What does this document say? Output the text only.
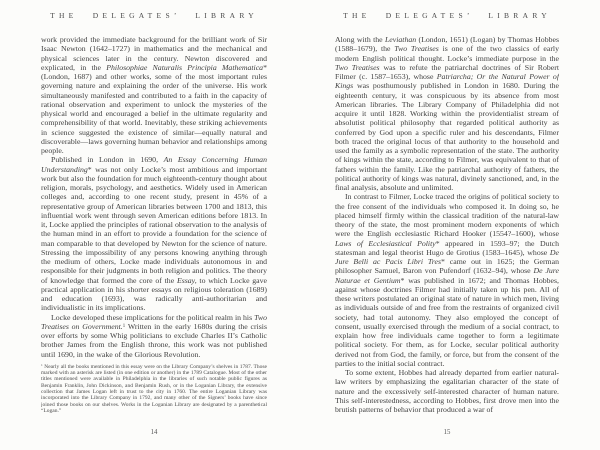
THE DELEGATES’ LIBRARY

work provided the immediate background for the brilliant work of Sir Isaac Newton (1642–1727) in mathematics and the mechanical and physical sciences later in the century. Newton discovered and explicated, in the Philosophiae Naturalis Principia Mathematica* (London, 1687) and other works, some of the most important rules governing nature and explaining the order of the universe. His work simultaneously manifested and contributed to a faith in the capacity of rational observation and experiment to unlock the mysteries of the physical world and encouraged a belief in the ultimate regularity and comprehensibility of that world. Inevitably, these striking achievements in science suggested the existence of similar—equally natural and discoverable—laws governing human behavior and relationships among people.

Published in London in 1690, An Essay Concerning Human Understanding* was not only Locke’s most ambitious and important work but also the foundation for much eighteenth-century thought about religion, morals, psychology, and aesthetics. Widely used in American colleges and, according to one recent study, present in 45% of a representative group of American libraries between 1700 and 1813, this influential work went through seven American editions before 1813. In it, Locke applied the principles of rational observation to the analysis of the human mind in an effort to provide a foundation for the science of man comparable to that developed by Newton for the science of nature. Stressing the impossibility of any persons knowing anything through the medium of others, Locke made individuals autonomous in and responsible for their judgments in both religion and politics. The theory of knowledge that formed the core of the Essay, to which Locke gave practical application in his shorter essays on religious toleration (1689) and education (1693), was radically anti-authoritarian and individualistic in its implications.

Locke developed these implications for the political realm in his Two Treatises on Government.$^1$ Written in the early 1680s during the crisis over efforts by some Whig politicians to exclude Charles II’s Catholic brother James from the English throne, this work was not published until 1690, in the wake of the Glorious Revolution.

$^1$ Nearly all the books mentioned in this essay were on the Library Company’s shelves in 1787. Those marked with an asterisk are listed (in one edition or another) in the 1789 Catalogue. Most of the other titles mentioned were available in Philadelphia in the libraries of such notable public figures as Benjamin Franklin, John Dickinson, and Benjamin Rush, or in the Loganian Library, the extensive collection that James Logan left in trust to the city in 1760. The entire Loganian Library was incorporated into the Library Company in 1792, and many other of the Signers’ books have since joined those books on our shelves. Works in the Loganian Library are designated by a parenthetical “Logan.”
14
THE DELEGATES’ LIBRARY

Along with the Leviathan (London, 1651) (Logan) by Thomas Hobbes (1588–1679), the Two Treatises is one of the two classics of early modern English political thought. Locke’s immediate purpose in the Two Treatises was to refute the patriarchal doctrines of Sir Robert Filmer (c. 1587–1653), whose Patriarcha; Or the Natural Power of Kings was posthumously published in London in 1680. During the eighteenth century, it was conspicuous by its absence from most American libraries. The Library Company of Philadelphia did not acquire it until 1828. Working within the providentialist stream of absolutist political philosophy that regarded political authority as conferred by God upon a specific ruler and his descendants, Filmer both traced the original locus of that authority to the household and used the family as a symbolic representation of the state. The authority of kings within the state, according to Filmer, was equivalent to that of fathers within the family. Like the patriarchal authority of fathers, the political authority of kings was natural, divinely sanctioned, and, in the final analysis, absolute and unlimited.

In contrast to Filmer, Locke traced the origins of political society to the free consent of the individuals who composed it. In doing so, he placed himself firmly within the classical tradition of the natural-law theory of the state, the most prominent modern exponents of which were the English ecclesiastic Richard Hooker (1554?–1600), whose Laws of Ecclesiastical Polity* appeared in 1593–97; the Dutch statesman and legal theorist Hugo de Grotius (1583–1645), whose De Jure Belli ac Pacis Libri Tres* came out in 1625; the German philosopher Samuel, Baron von Pufendorf (1632–94), whose De Jure Naturae et Gentium* was published in 1672; and Thomas Hobbes, against whose doctrines Filmer had initially taken up his pen. All of these writers postulated an original state of nature in which men, living as individuals outside of and free from the restraints of organized civil society, had total autonomy. They also employed the concept of consent, usually exercised through the medium of a social contract, to explain how free individuals came together to form a legitimate political society. For them, as for Locke, secular political authority derived not from God, the family, or force, but from the consent of the parties to the initial social contract.

To some extent, Hobbes had already departed from earlier natural-law writers by emphasizing the egalitarian character of the state of nature and the excessively self-interested character of human nature. This self-interestedness, according to Hobbes, first drove men into the brutish patterns of behavior that produced a war of

15
